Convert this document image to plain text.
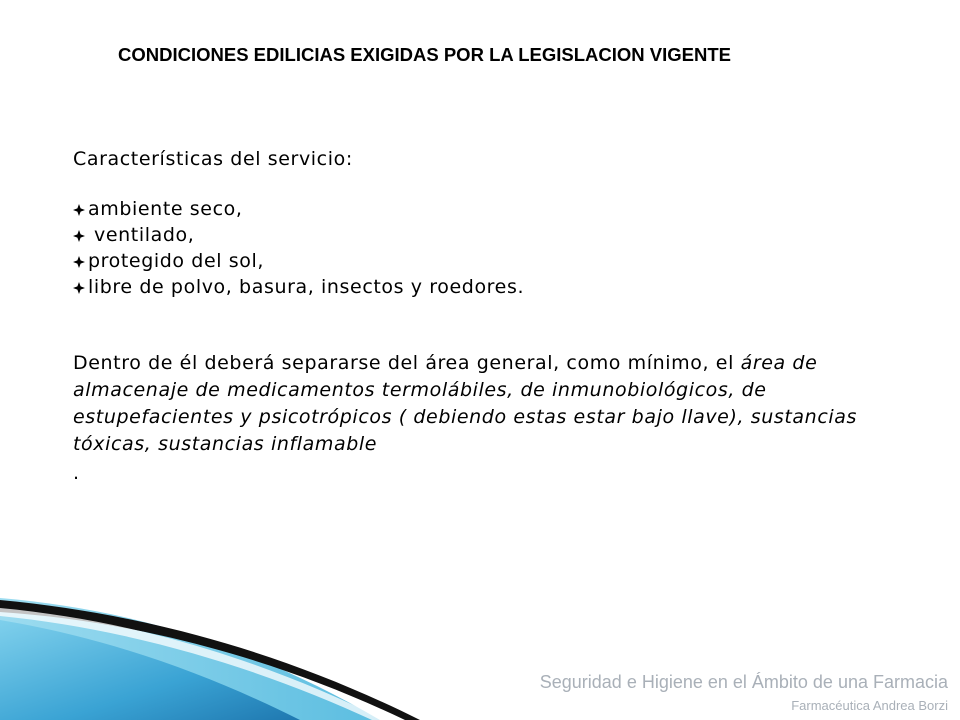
CONDICIONES EDILICIAS EXIGIDAS POR LA LEGISLACION VIGENTE

Características del servicio:

ambiente seco,
ventilado,
protegido del sol,
libre de polvo, basura, insectos y roedores.

Dentro de él deberá separarse del área general, como mínimo, el área de almacenaje de medicamentos termolábiles, de inmunobiológicos, de estupefacientes y psicotrópicos ( debiendo estas estar bajo llave), sustancias tóxicas, sustancias inflamable

.

Seguridad e Higiene en el Ámbito de una Farmacia
Farmacéutica Andrea Borzi
